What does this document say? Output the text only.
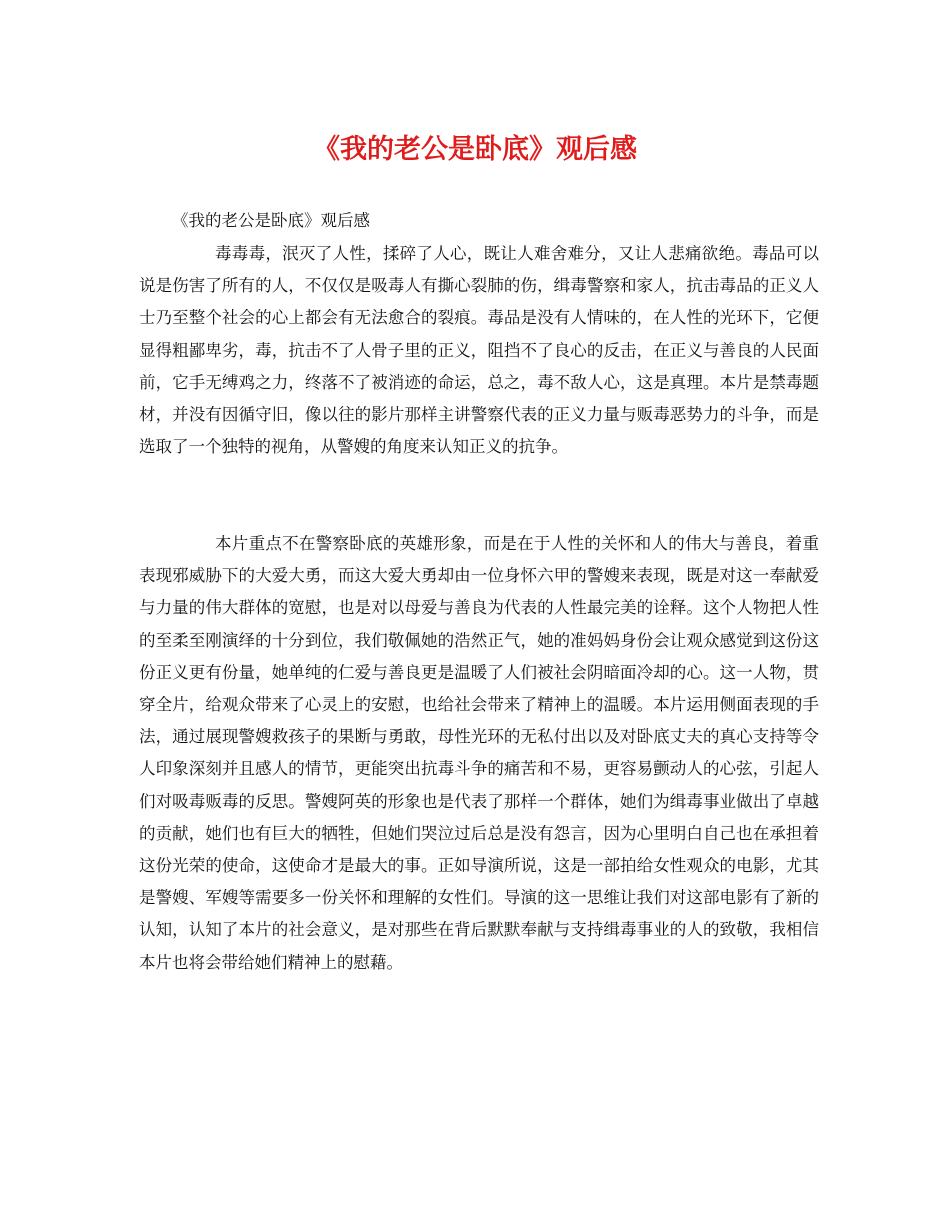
《我的老公是卧底》观后感

《我的老公是卧底》观后感

毒毒毒，泯灭了人性，揉碎了人心，既让人难舍难分，又让人悲痛欲绝。毒品可以说是伤害了所有的人，不仅仅是吸毒人有撕心裂肺的伤，缉毒警察和家人，抗击毒品的正义人士乃至整个社会的心上都会有无法愈合的裂痕。毒品是没有人情味的，在人性的光环下，它便显得粗鄙卑劣，毒，抗击不了人骨子里的正义，阻挡不了良心的反击，在正义与善良的人民面前，它手无缚鸡之力，终落不了被消迹的命运，总之，毒不敌人心，这是真理。本片是禁毒题材，并没有因循守旧，像以往的影片那样主讲警察代表的正义力量与贩毒恶势力的斗争，而是选取了一个独特的视角，从警嫂的角度来认知正义的抗争。

本片重点不在警察卧底的英雄形象，而是在于人性的关怀和人的伟大与善良，着重表现邪威胁下的大爱大勇，而这大爱大勇却由一位身怀六甲的警嫂来表现，既是对这一奉献爱与力量的伟大群体的宽慰，也是对以母爱与善良为代表的人性最完美的诠释。这个人物把人性的至柔至刚演绎的十分到位，我们敬佩她的浩然正气，她的准妈妈身份会让观众感觉到这份这份正义更有份量，她单纯的仁爱与善良更是温暖了人们被社会阴暗面冷却的心。这一人物，贯穿全片，给观众带来了心灵上的安慰，也给社会带来了精神上的温暖。本片运用侧面表现的手法，通过展现警嫂救孩子的果断与勇敢，母性光环的无私付出以及对卧底丈夫的真心支持等令人印象深刻并且感人的情节，更能突出抗毒斗争的痛苦和不易，更容易颤动人的心弦，引起人们对吸毒贩毒的反思。警嫂阿英的形象也是代表了那样一个群体，她们为缉毒事业做出了卓越的贡献，她们也有巨大的牺牲，但她们哭泣过后总是没有怨言，因为心里明白自己也在承担着这份光荣的使命，这使命才是最大的事。正如导演所说，这是一部拍给女性观众的电影，尤其是警嫂、军嫂等需要多一份关怀和理解的女性们。导演的这一思维让我们对这部电影有了新的认知，认知了本片的社会意义，是对那些在背后默默奉献与支持缉毒事业的人的致敬，我相信本片也将会带给她们精神上的慰藉。
